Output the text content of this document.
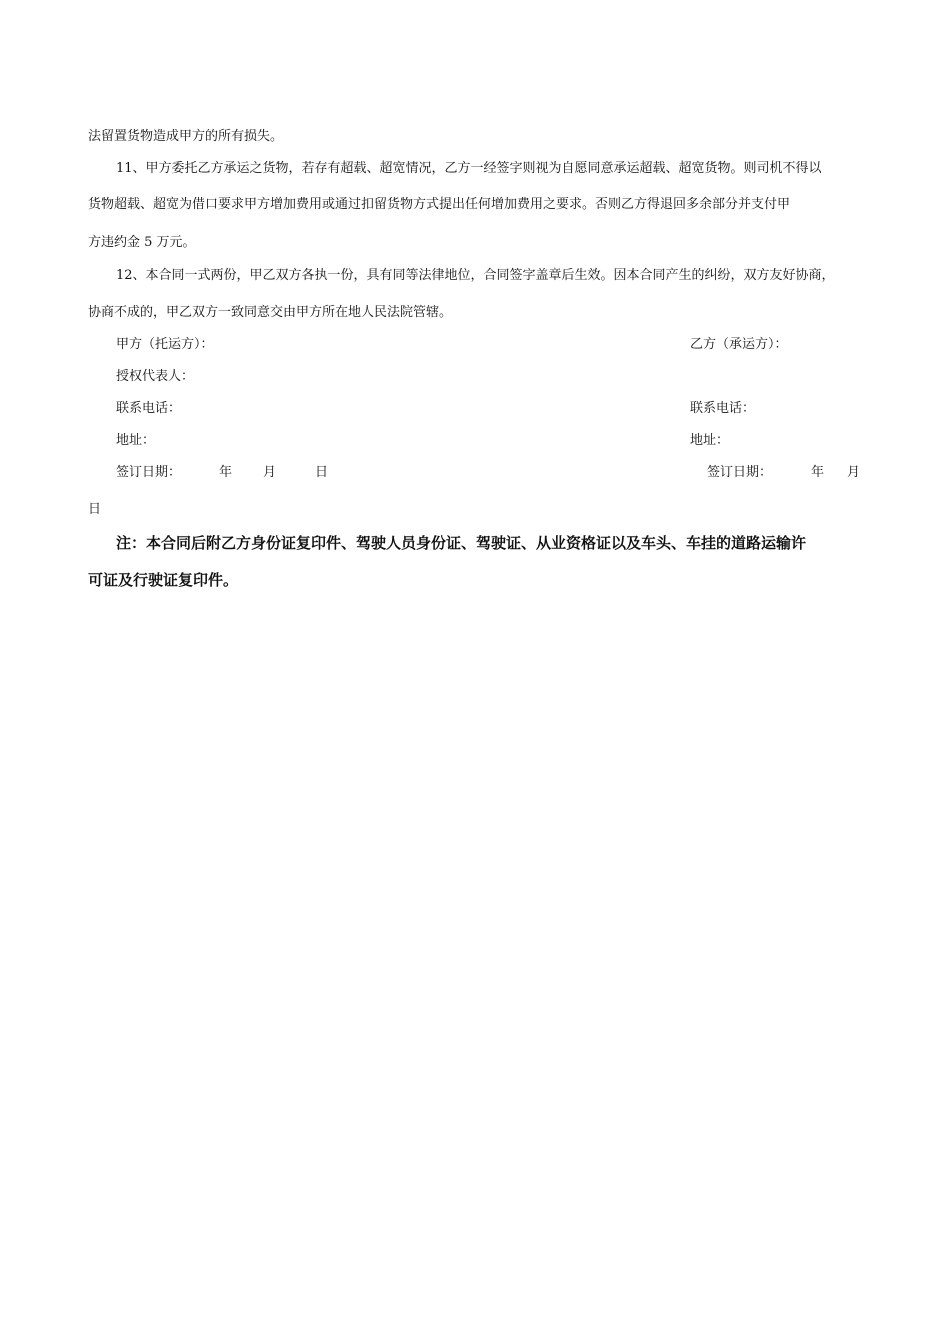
法留置货物造成甲方的所有损失。
11、甲方委托乙方承运之货物，若存有超载、超宽情况，乙方一经签字则视为自愿同意承运超载、超宽货物。则司机不得以
货物超载、超宽为借口要求甲方增加费用或通过扣留货物方式提出任何增加费用之要求。否则乙方得退回多余部分并支付甲
方违约金 5 万元。
12、本合同一式两份，甲乙双方各执一份，具有同等法律地位，合同签字盖章后生效。因本合同产生的纠纷，双方友好协商，
协商不成的，甲乙双方一致同意交由甲方所在地人民法院管辖。
甲方（托运方）：	乙方（承运方）：
授权代表人：
联系电话：	联系电话：
地址：	地址：
签订日期：	年 月	日	签订日期：	年 月
日
注：本合同后附乙方身份证复印件、驾驶人员身份证、驾驶证、从业资格证以及车头、车挂的道路运输许
可证及行驶证复印件。
